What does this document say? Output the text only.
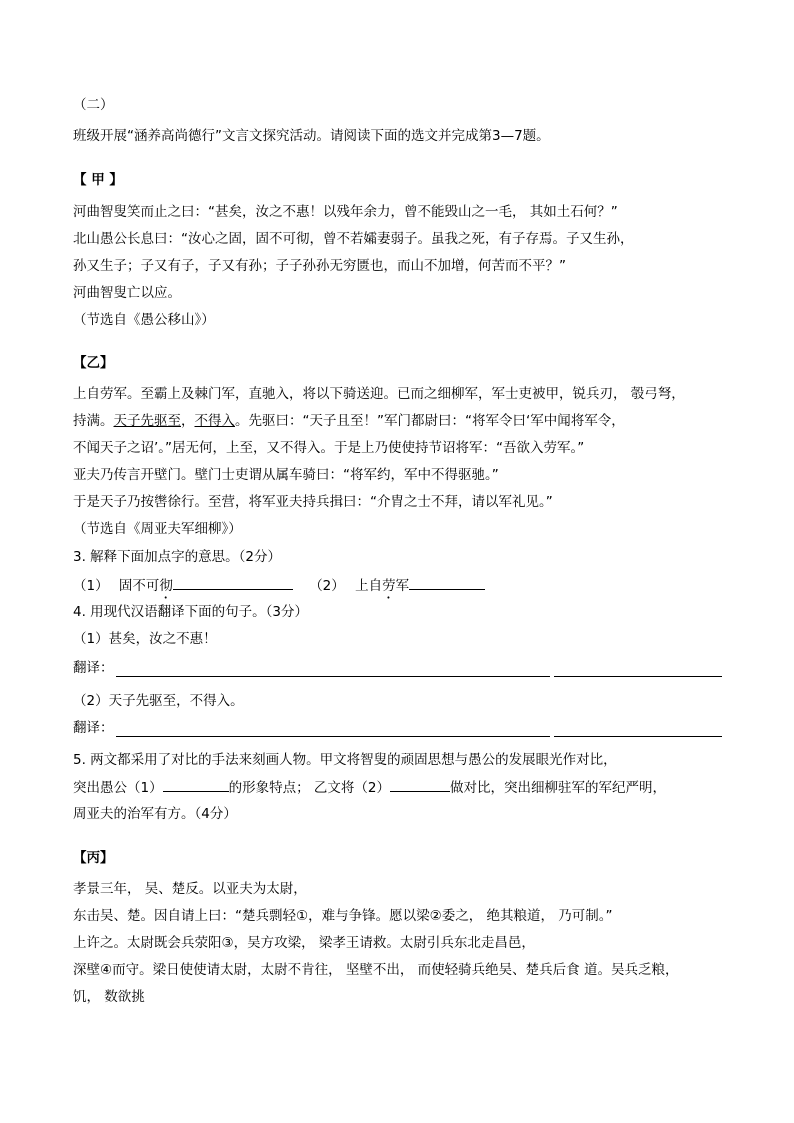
（二）
班级开展“涵养高尚德行”文言文探究活动。请阅读下面的选文并完成第3—7题。
【 甲 】
河曲智叟笑而止之曰：“甚矣，汝之不惠！以残年余力，曾不能毁山之一毛， 其如土石何？”
北山愚公长息曰：“汝心之固，固不可彻，曾不若孀妻弱子。虽我之死，有子存焉。子又生孙，
孙又生子；子又有子，子又有孙；子子孙孙无穷匮也，而山不加增，何苦而不平？”
河曲智叟亡以应。
（节选自《愚公移山》）
【乙】
上自劳军。至霸上及棘门军，直驰入，将以下骑送迎。已而之细柳军，军士吏被甲，锐兵刃， 彀弓弩，
持满。天子先驱至，不得入。先驱曰：“天子且至！”军门都尉曰：“将军令曰‘军中闻将军令，
不闻天子之诏’。”居无何，上至，又不得入。于是上乃使使持节诏将军：“吾欲入劳军。”
亚夫乃传言开壁门。壁门士吏谓从属车骑曰：“将军约，军中不得驱驰。”
于是天子乃按辔徐行。至营，将军亚夫持兵揖曰：“介胄之士不拜，请以军礼见。”
（节选自《周亚夫军细柳》）
3. 解释下面加点字的意思。（2分）
（1） 固不可彻	（2） 上自劳军
4. 用现代汉语翻译下面的句子。（3分）
（1）甚矣，汝之不惠！
翻译：
（2）天子先驱至，不得入。
翻译：
5. 两文都采用了对比的手法来刻画人物。甲文将智叟的顽固思想与愚公的发展眼光作对比，
突出愚公（1）	的形象特点； 乙文将（2）	做对比，突出细柳驻军的军纪严明，
周亚夫的治军有方。（4分）
【丙】
孝景三年， 吴、楚反。以亚夫为太尉，
东击吴、楚。因自请上曰：“楚兵剽轻①，难与争锋。愿以梁②委之， 绝其粮道， 乃可制。”
上许之。太尉既会兵荥阳③，吴方攻梁， 梁孝王请救。太尉引兵东北走昌邑，
深壁④而守。梁日使使请太尉，太尉不肯往， 坚壁不出， 而使轻骑兵绝吴、楚兵后食 道。吴兵乏粮，
饥， 数欲挑
